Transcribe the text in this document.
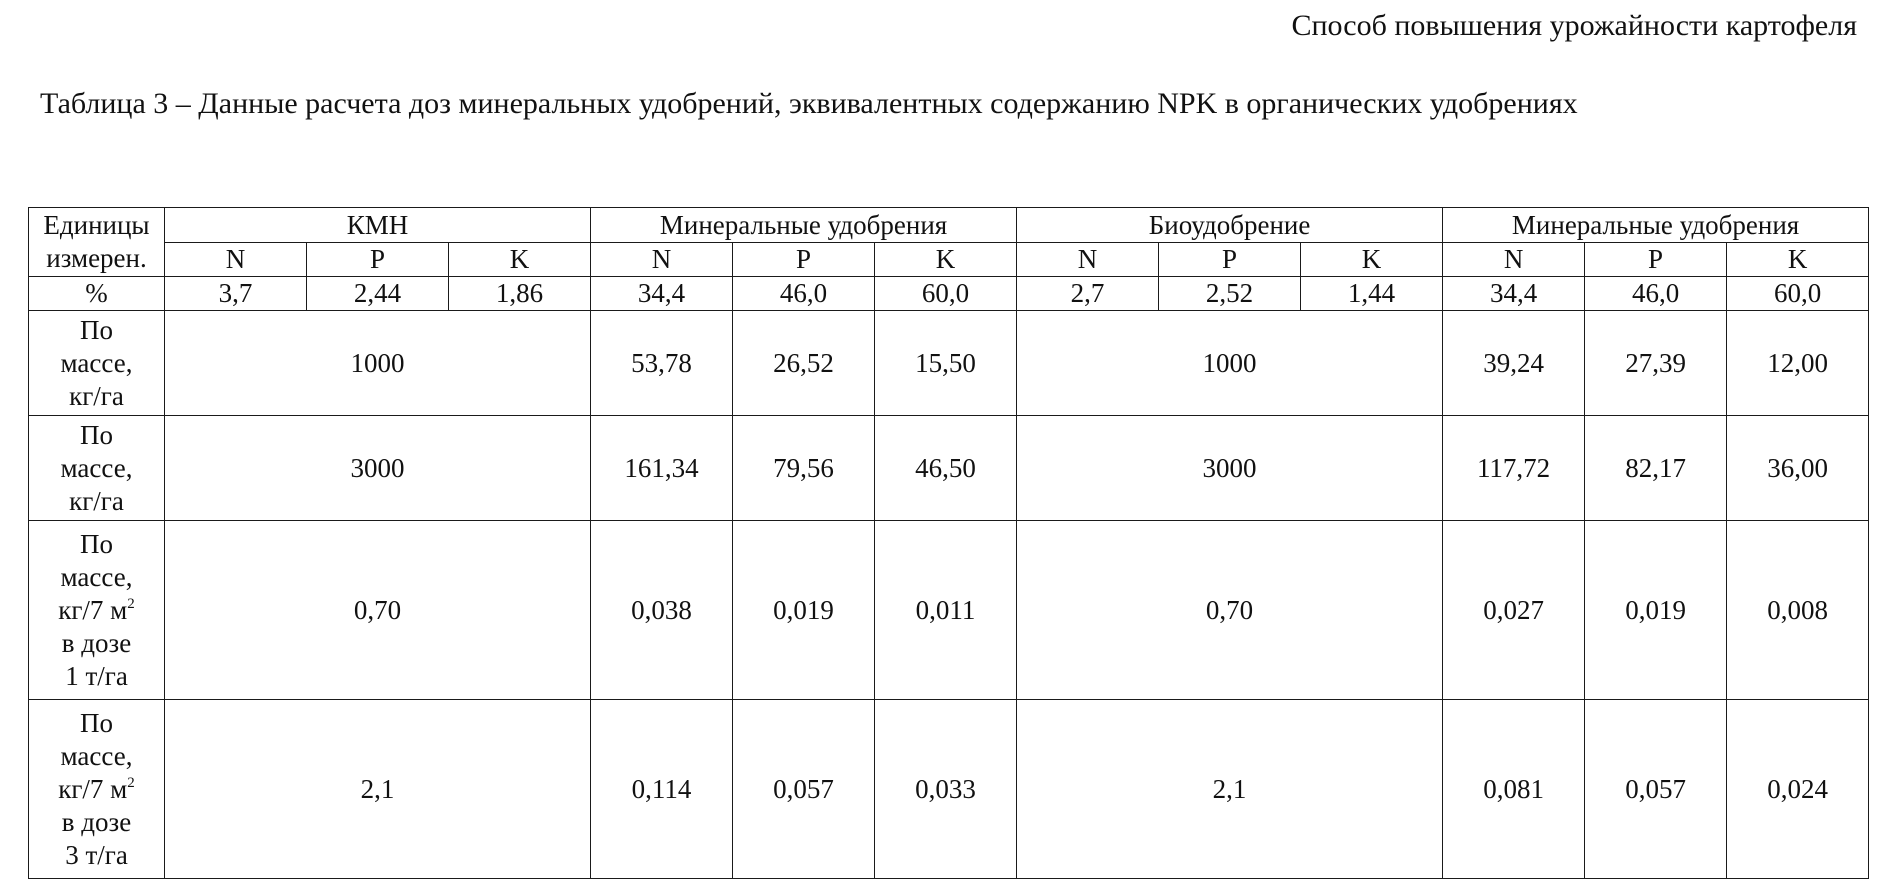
Способ повышения урожайности картофеля
Таблица 3 – Данные расчета доз минеральных удобрений, эквивалентных содержанию NPK в органических удобрениях
Единицы
измерен.	КМН			Минеральные удобрения			Биоудобрение			Минеральные удобрения		
	N	P	K	N	P	K	N	P	K	N	P	K
%	3,7	2,44	1,86	34,4	46,0	60,0	2,7	2,52	1,44	34,4	46,0	60,0

По
массе,
кг/га	1000			53,78	26,52	15,50	1000			39,24	27,39	12,00

По
массе,
кг/га	3000			161,34	79,56	46,50	3000			117,72	82,17	36,00

По
массе,
кг/7 $м^2$
в дозе
1 т/га	0,70			0,038	0,019	0,011	0,70			0,027	0,019	0,008

По
массе,
кг/7 $м^2$
в дозе
3 т/га	2,1			0,114	0,057	0,033	2,1			0,081	0,057	0,024
